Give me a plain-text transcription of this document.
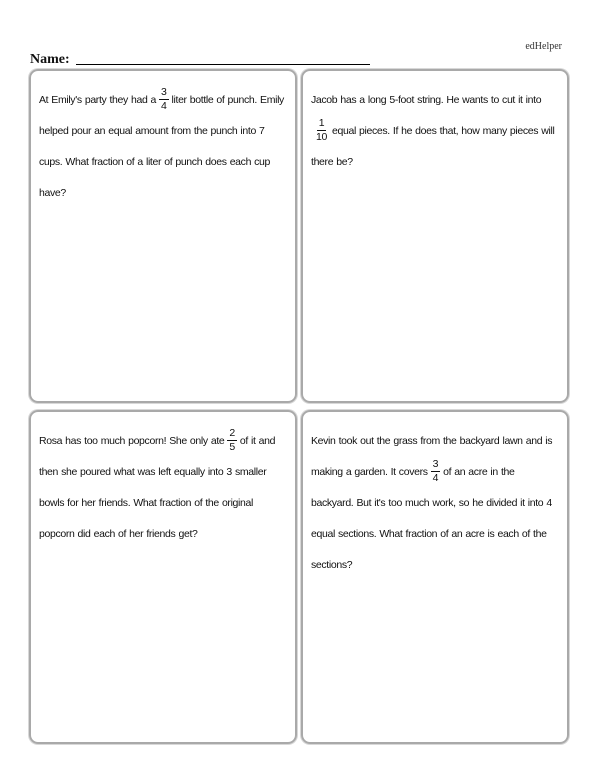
edHelper
Name:

At Emily's party they had a $\frac{3}{4}$ liter bottle of punch. Emily helped pour an equal amount from the punch into 7 cups. What fraction of a liter of punch does each cup have?

Jacob has a long 5-foot string. He wants to cut it into
$\frac{1}{10}$ equal pieces. If he does that, how many pieces will there be?

Rosa has too much popcorn! She only ate $\frac{2}{5}$ of it and then she poured what was left equally into 3 smaller bowls for her friends. What fraction of the original popcorn did each of her friends get?

Kevin took out the grass from the backyard lawn and is making a garden. It covers $\frac{3}{4}$ of an acre in the backyard. But it's too much work, so he divided it into 4 equal sections. What fraction of an acre is each of the sections?
